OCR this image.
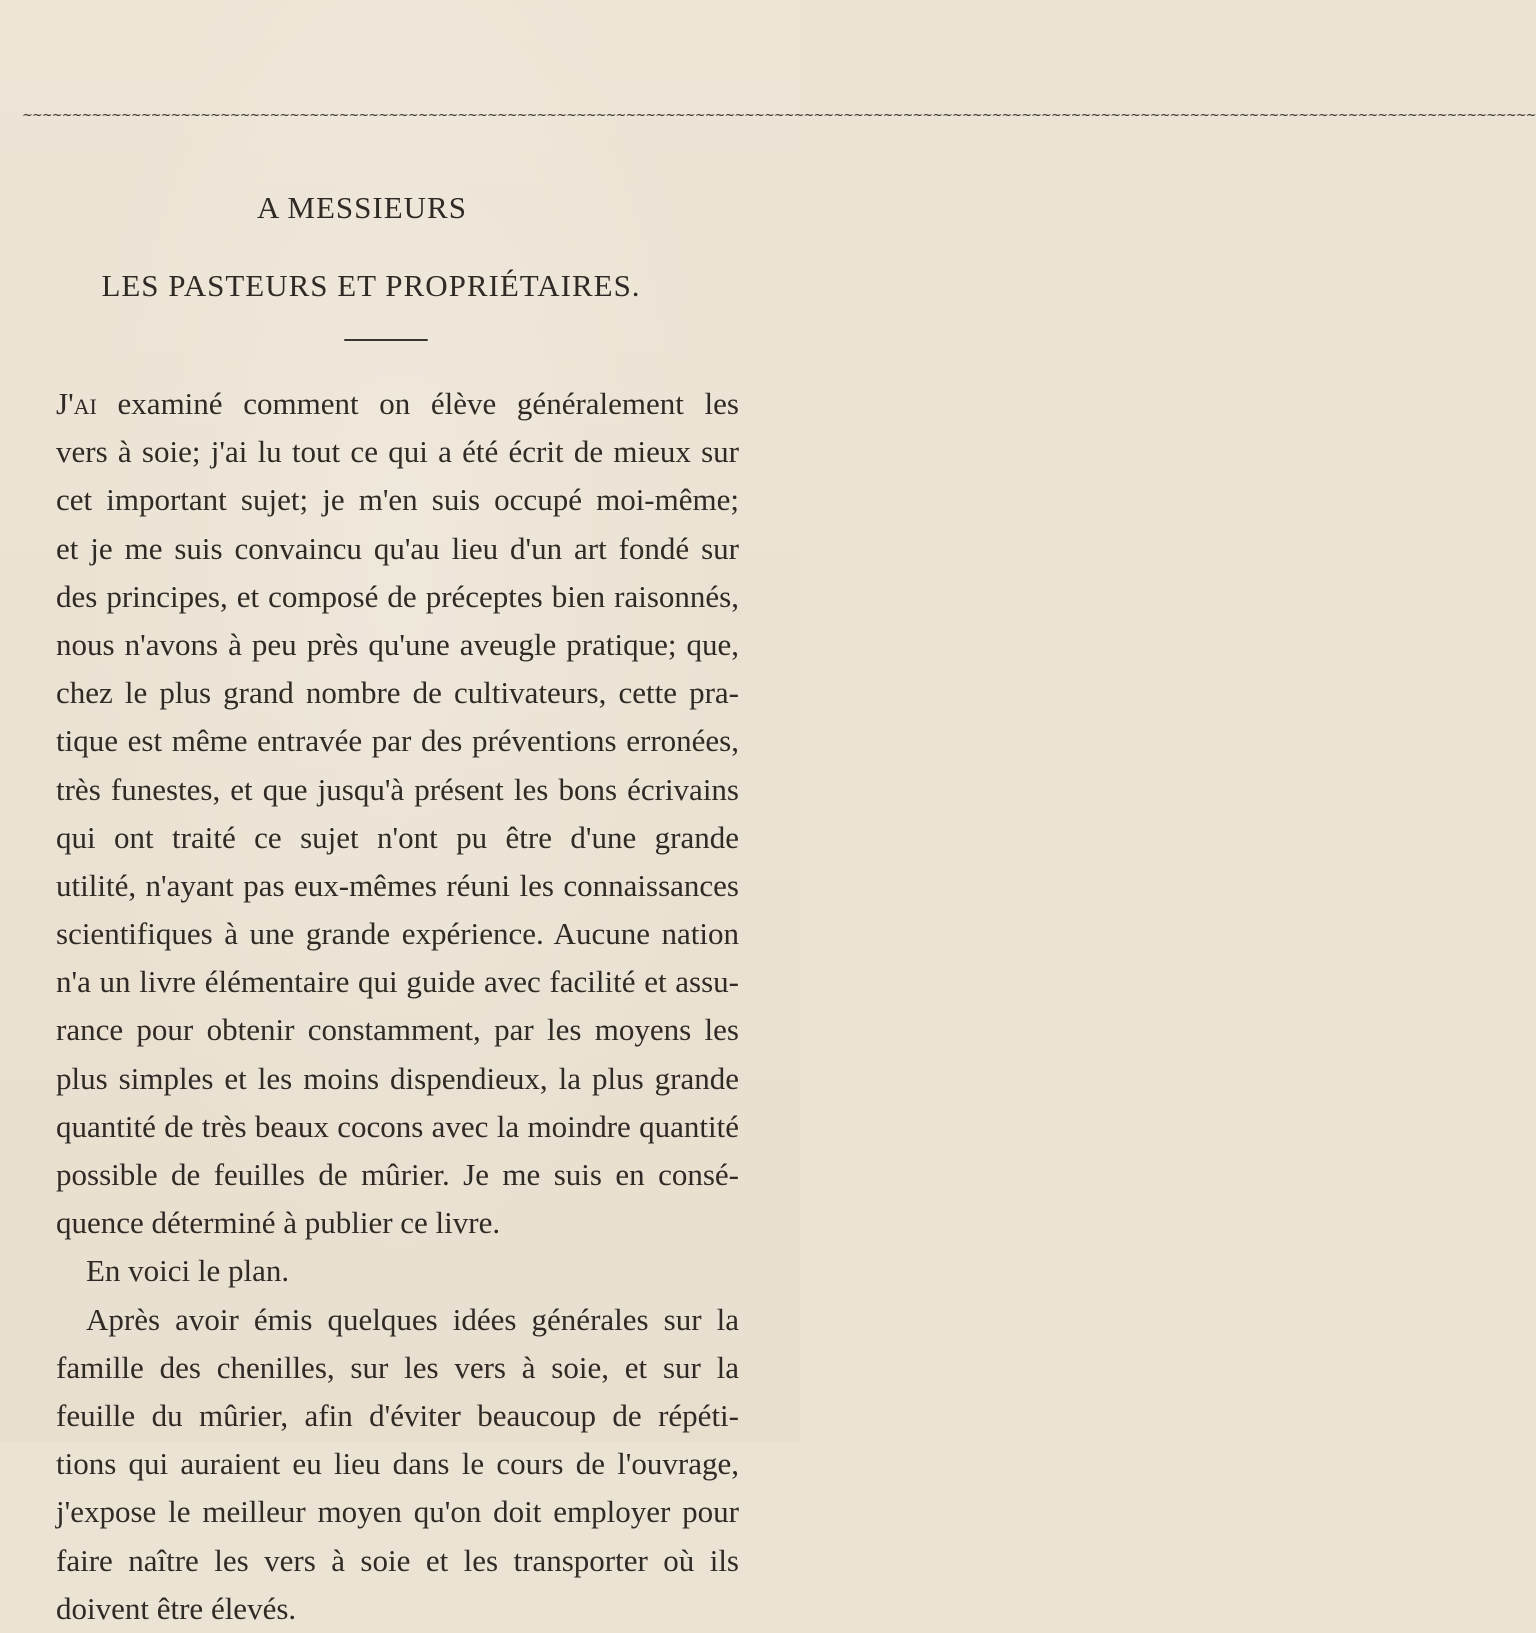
~~~~~~~~~~~~~~~~~~~~~~~~~~~~~~~~~~~~~~~~~~~~~~~~~~~~~~~~~~~~~~~~~~~~~~~~~~~~~~~~~~~~~~~~~~~~~~~~~~~~~~~~~~~~~~~~~~~~~~~~~~~~~~~~~~~~~~~~~~~~~~~~~~~~~~~~~
A MESSIEURS
LES PASTEURS ET PROPRIÉTAIRES.
J'ai examiné comment on élève généralement les
vers à soie; j'ai lu tout ce qui a été écrit de mieux sur
cet important sujet; je m'en suis occupé moi-même;
et je me suis convaincu qu'au lieu d'un art fondé sur
des principes, et composé de préceptes bien raisonnés,
nous n'avons à peu près qu'une aveugle pratique; que,
chez le plus grand nombre de cultivateurs, cette pra-
tique est même entravée par des préventions erronées,
très funestes, et que jusqu'à présent les bons écrivains
qui ont traité ce sujet n'ont pu être d'une grande
utilité, n'ayant pas eux-mêmes réuni les connaissances
scientifiques à une grande expérience. Aucune nation
n'a un livre élémentaire qui guide avec facilité et assu-
rance pour obtenir constamment, par les moyens les
plus simples et les moins dispendieux, la plus grande
quantité de très beaux cocons avec la moindre quantité
possible de feuilles de mûrier. Je me suis en consé-
quence déterminé à publier ce livre.
En voici le plan.
Après avoir émis quelques idées générales sur la
famille des chenilles, sur les vers à soie, et sur la
feuille du mûrier, afin d'éviter beaucoup de répéti-
tions qui auraient eu lieu dans le cours de l'ouvrage,
j'expose le meilleur moyen qu'on doit employer pour
faire naître les vers à soie et les transporter où ils
doivent être élevés.
